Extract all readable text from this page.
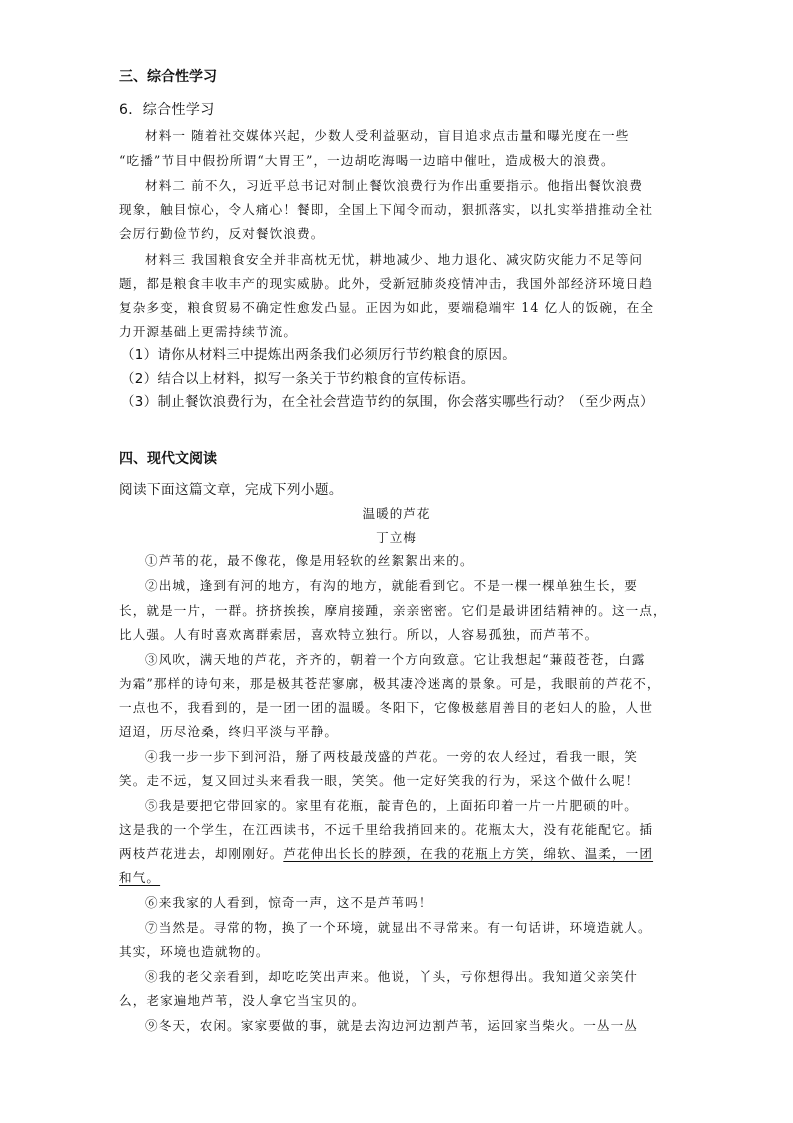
三、综合性学习
6．综合性学习
材料一 随着社交媒体兴起，少数人受利益驱动，盲目追求点击量和曝光度在一些
“吃播”节目中假扮所谓“大胃王”，一边胡吃海喝一边暗中催吐，造成极大的浪费。
材料二 前不久，习近平总书记对制止餐饮浪费行为作出重要指示。他指出餐饮浪费
现象，触目惊心，令人痛心！餐即，全国上下闻令而动，狠抓落实，以扎实举措推动全社
会厉行勤俭节约，反对餐饮浪费。
材料三 我国粮食安全并非高枕无忧，耕地减少、地力退化、减灾防灾能力不足等问
题，都是粮食丰收丰产的现实威胁。此外，受新冠肺炎疫情冲击，我国外部经济环境日趋
复杂多变，粮食贸易不确定性愈发凸显。正因为如此，要端稳端牢 14 亿人的饭碗，在全
力开源基础上更需持续节流。
（1）请你从材料三中提炼出两条我们必须厉行节约粮食的原因。
（2）结合以上材料，拟写一条关于节约粮食的宣传标语。
（3）制止餐饮浪费行为，在全社会营造节约的氛围，你会落实哪些行动？（至少两点）
四、现代文阅读
阅读下面这篇文章，完成下列小题。
温暖的芦花
丁立梅
①芦苇的花，最不像花，像是用轻软的丝絮絮出来的。
②出城，逢到有河的地方，有沟的地方，就能看到它。不是一棵一棵单独生长，要
长，就是一片，一群。挤挤挨挨，摩肩接踵，亲亲密密。它们是最讲团结精神的。这一点，
比人强。人有时喜欢离群索居，喜欢特立独行。所以，人容易孤独，而芦苇不。
③风吹，满天地的芦花，齐齐的，朝着一个方向致意。它让我想起“蒹葭苍苍，白露
为霜”那样的诗句来，那是极其苍茫寥廓，极其凄冷迷离的景象。可是，我眼前的芦花不，
一点也不，我看到的，是一团一团的温暖。冬阳下，它像极慈眉善目的老妇人的脸，人世
迢迢，历尽沧桑，终归平淡与平静。
④我一步一步下到河沿，掰了两枝最茂盛的芦花。一旁的农人经过，看我一眼，笑
笑。走不远，复又回过头来看我一眼，笑笑。他一定好笑我的行为，采这个做什么呢！
⑤我是要把它带回家的。家里有花瓶，靛青色的，上面拓印着一片一片肥硕的叶。
这是我的一个学生，在江西读书，不远千里给我捎回来的。花瓶太大，没有花能配它。插
两枝芦花进去，却刚刚好。芦花伸出长长的脖颈，在我的花瓶上方笑，绵软、温柔，一团
和气。
⑥来我家的人看到，惊奇一声，这不是芦苇吗！
⑦当然是。寻常的物，换了一个环境，就显出不寻常来。有一句话讲，环境造就人。
其实，环境也造就物的。
⑧我的老父亲看到，却吃吃笑出声来。他说，丫头，亏你想得出。我知道父亲笑什
么，老家遍地芦苇，没人拿它当宝贝的。
⑨冬天，农闲。家家要做的事，就是去沟边河边割芦苇，运回家当柴火。一丛一丛
